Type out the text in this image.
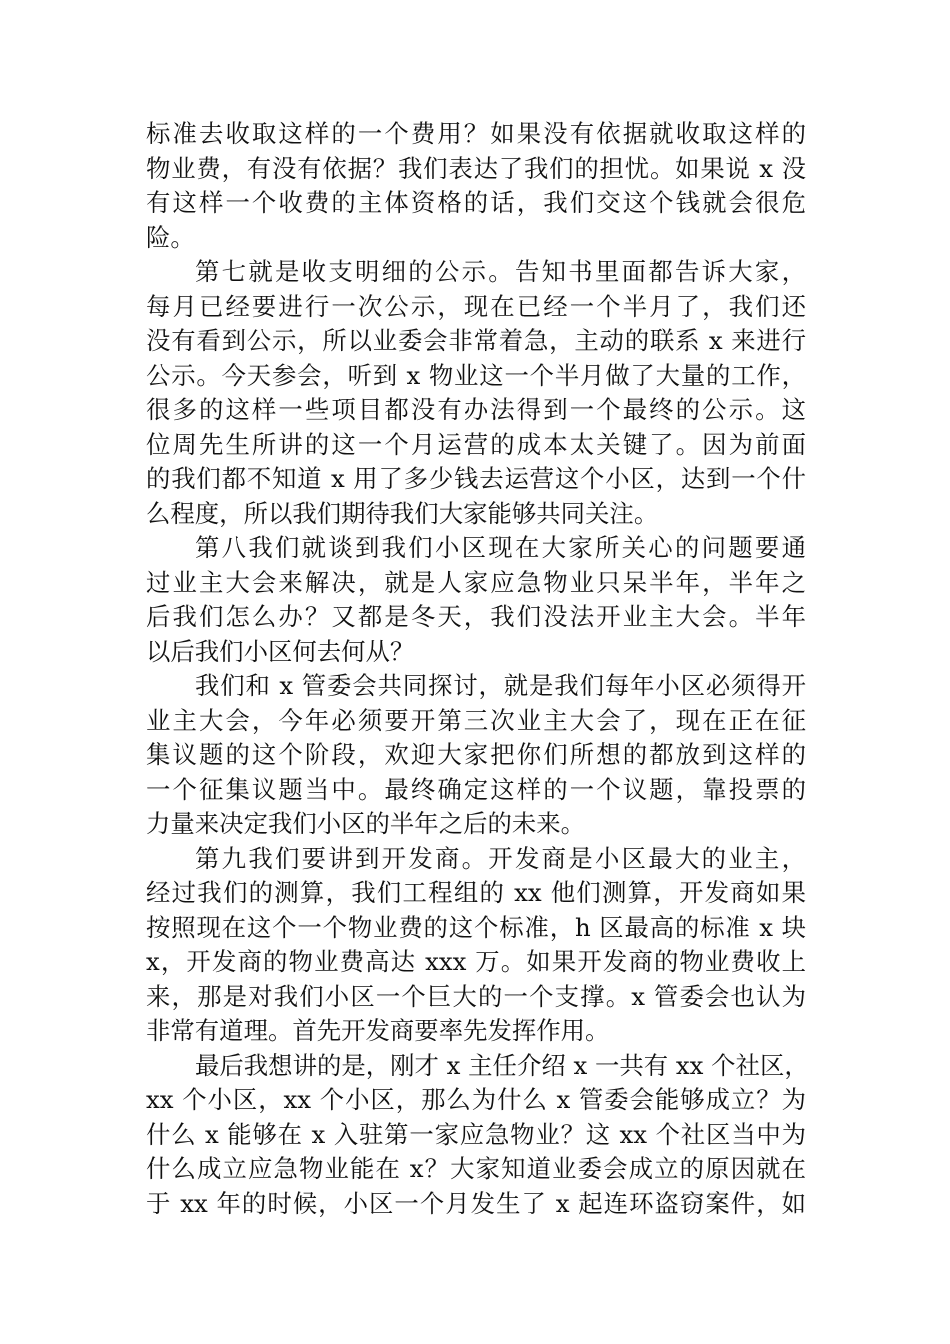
标准去收取这样的一个费用？如果没有依据就收取这样的
物业费，有没有依据？我们表达了我们的担忧。如果说 x 没
有这样一个收费的主体资格的话，我们交这个钱就会很危
险。
第七就是收支明细的公示。告知书里面都告诉大家，
每月已经要进行一次公示，现在已经一个半月了，我们还
没有看到公示，所以业委会非常着急，主动的联系 x 来进行
公示。今天参会，听到 x 物业这一个半月做了大量的工作，
很多的这样一些项目都没有办法得到一个最终的公示。这
位周先生所讲的这一个月运营的成本太关键了。因为前面
的我们都不知道 x 用了多少钱去运营这个小区，达到一个什
么程度，所以我们期待我们大家能够共同关注。
第八我们就谈到我们小区现在大家所关心的问题要通
过业主大会来解决，就是人家应急物业只呆半年，半年之
后我们怎么办？又都是冬天，我们没法开业主大会。半年
以后我们小区何去何从？
我们和 x 管委会共同探讨，就是我们每年小区必须得开
业主大会，今年必须要开第三次业主大会了，现在正在征
集议题的这个阶段，欢迎大家把你们所想的都放到这样的
一个征集议题当中。最终确定这样的一个议题，靠投票的
力量来决定我们小区的半年之后的未来。
第九我们要讲到开发商。开发商是小区最大的业主，
经过我们的测算，我们工程组的 xx 他们测算，开发商如果
按照现在这个一个物业费的这个标准，h 区最高的标准 x 块
x，开发商的物业费高达 xxx 万。如果开发商的物业费收上
来，那是对我们小区一个巨大的一个支撑。x 管委会也认为
非常有道理。首先开发商要率先发挥作用。
最后我想讲的是，刚才 x 主任介绍 x 一共有 xx 个社区，
xx 个小区，xx 个小区，那么为什么 x 管委会能够成立？为
什么 x 能够在 x 入驻第一家应急物业？这 xx 个社区当中为
什么成立应急物业能在 x？大家知道业委会成立的原因就在
于 xx 年的时候，小区一个月发生了 x 起连环盗窃案件，如
